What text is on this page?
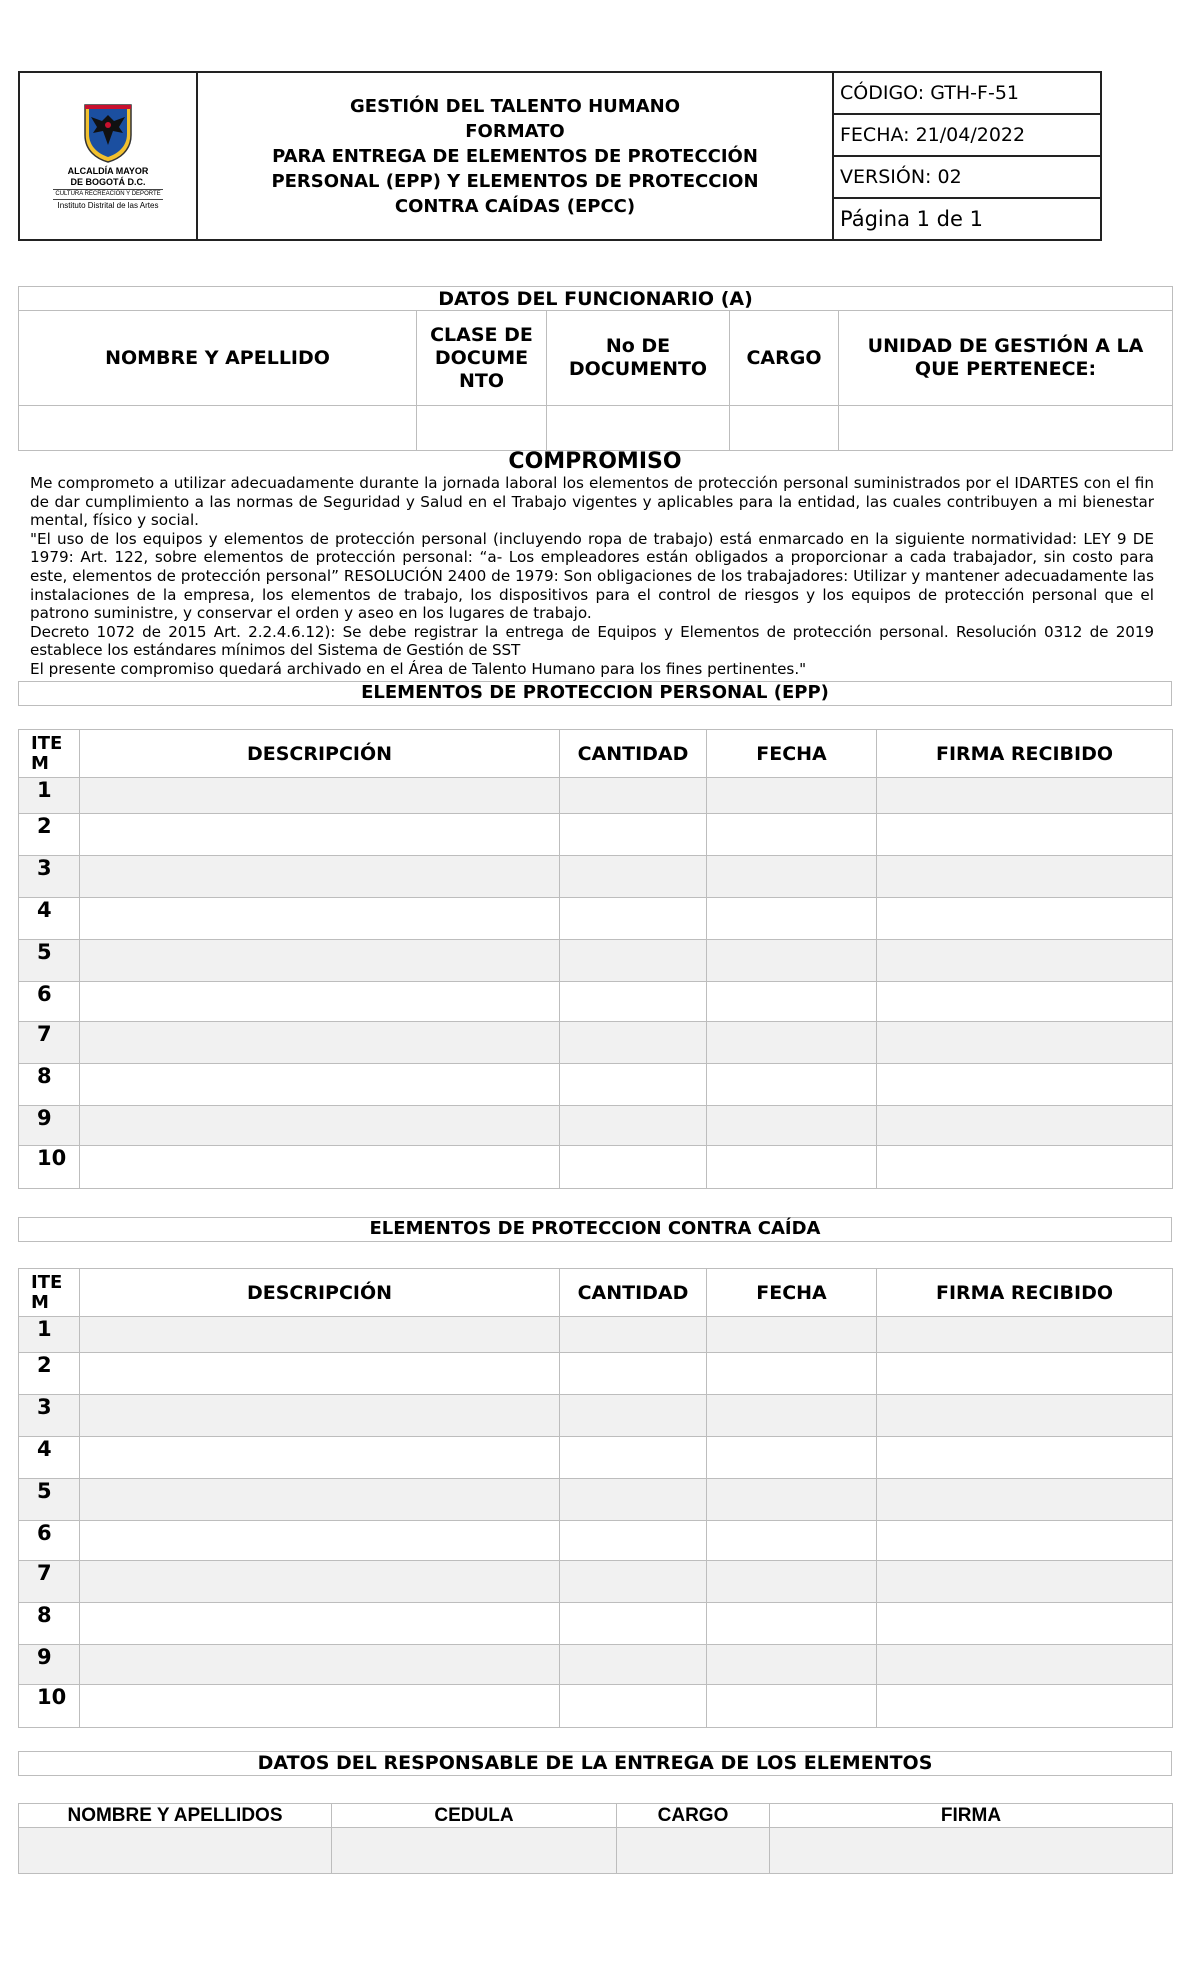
ALCALDÍA MAYOR
DE BOGOTÁ D.C.
CULTURA RECREACIÓN Y DEPORTE
Instituto Distrital de las Artes

GESTIÓN DEL TALENTO HUMANO
FORMATO
PARA ENTREGA DE ELEMENTOS DE PROTECCIÓN
PERSONAL (EPP) Y ELEMENTOS DE PROTECCION
CONTRA CAÍDAS (EPCC)
	CÓDIGO: GTH-F-51
FECHA: 21/04/2022
VERSIÓN: 02
Página 1 de 1
DATOS DEL FUNCIONARIO (A)				
NOMBRE Y APELLIDO	CLASE DE DOCUME NTO	No DE DOCUMENTO	CARGO	UNIDAD DE GESTIÓN A LA QUE PERTENECE:

COMPROMISO

Me comprometo a utilizar adecuadamente durante la jornada laboral los elementos de protección personal suministrados por el IDARTES con el fin de dar cumplimiento a las normas de Seguridad y Salud en el Trabajo vigentes y aplicables para la entidad, las cuales contribuyen a mi bienestar mental, físico y social.

"El uso de los equipos y elementos de protección personal (incluyendo ropa de trabajo) está enmarcado en la siguiente normatividad: LEY 9 DE 1979: Art. 122, sobre elementos de protección personal: “a- Los empleadores están obligados a proporcionar a cada trabajador, sin costo para este, elementos de protección personal” RESOLUCIÓN 2400 de 1979: Son obligaciones de los trabajadores: Utilizar y mantener adecuadamente las instalaciones de la empresa, los elementos de trabajo, los dispositivos para el control de riesgos y los equipos de protección personal que el patrono suministre, y conservar el orden y aseo en los lugares de trabajo.

Decreto 1072 de 2015 Art. 2.2.4.6.12): Se debe registrar la entrega de Equipos y Elementos de protección personal. Resolución 0312 de 2019 establece los estándares mínimos del Sistema de Gestión de SST

El presente compromiso quedará archivado en el Área de Talento Humano para los fines pertinentes."

ELEMENTOS DE PROTECCION PERSONAL (EPP)
ITE M	DESCRIPCIÓN	CANTIDAD	FECHA	FIRMA RECIBIDO
1				
2				
3				
4				
5				
6				
7				
8				
9				
10				
ELEMENTOS DE PROTECCION CONTRA CAÍDA
ITE M	DESCRIPCIÓN	CANTIDAD	FECHA	FIRMA RECIBIDO
1				
2				
3				
4				
5				
6				
7				
8				
9				
10				
DATOS DEL RESPONSABLE DE LA ENTREGA DE LOS ELEMENTOS
NOMBRE Y APELLIDOS	CEDULA	CARGO	FIRMA
